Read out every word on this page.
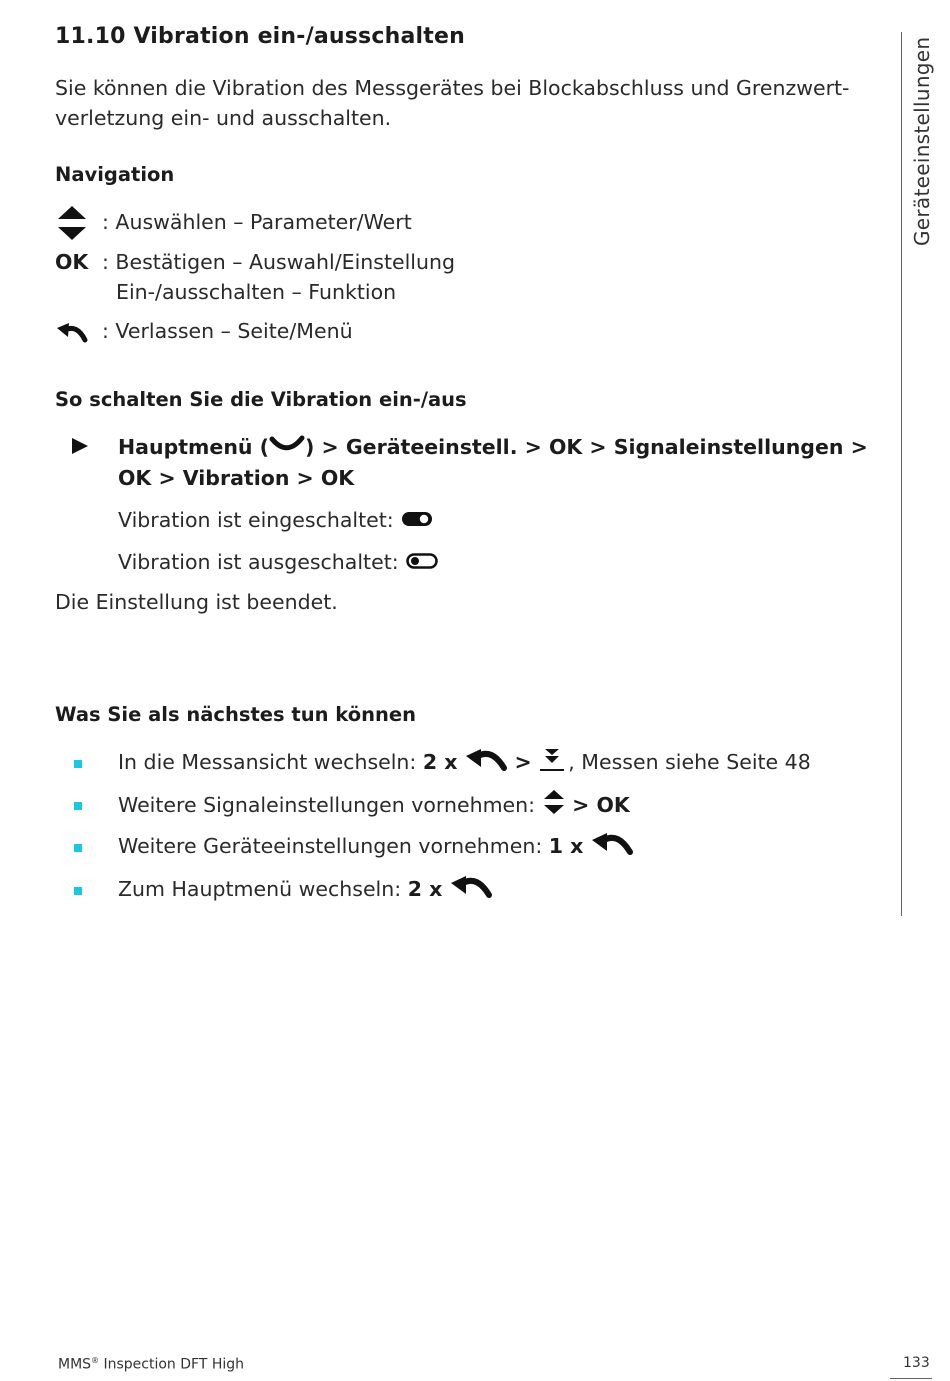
11.10 Vibration ein-/ausschalten
Sie können die Vibration des Messgerätes bei Blockabschluss und Grenzwert-verletzung ein- und ausschalten.
Navigation
: Auswählen – Parameter/Wert
OK : Bestätigen – Auswahl/Einstellung
Ein-/ausschalten – Funktion
: Verlassen – Seite/Menü
So schalten Sie die Vibration ein-/aus
Hauptmenü ( ) > Geräteeinstell. > OK > Signaleinstellungen > OK > Vibration > OK
Vibration ist eingeschaltet:
Vibration ist ausgeschaltet:
Die Einstellung ist beendet.
Was Sie als nächstes tun können
In die Messansicht wechseln: 2 x	> , Messen siehe Seite 48
Weitere Signaleinstellungen vornehmen:  > OK
Weitere Geräteeinstellungen vornehmen: 1 x
Zum Hauptmenü wechseln: 2 x
Geräteeinstellungen
MMS® Inspection DFT High	133
